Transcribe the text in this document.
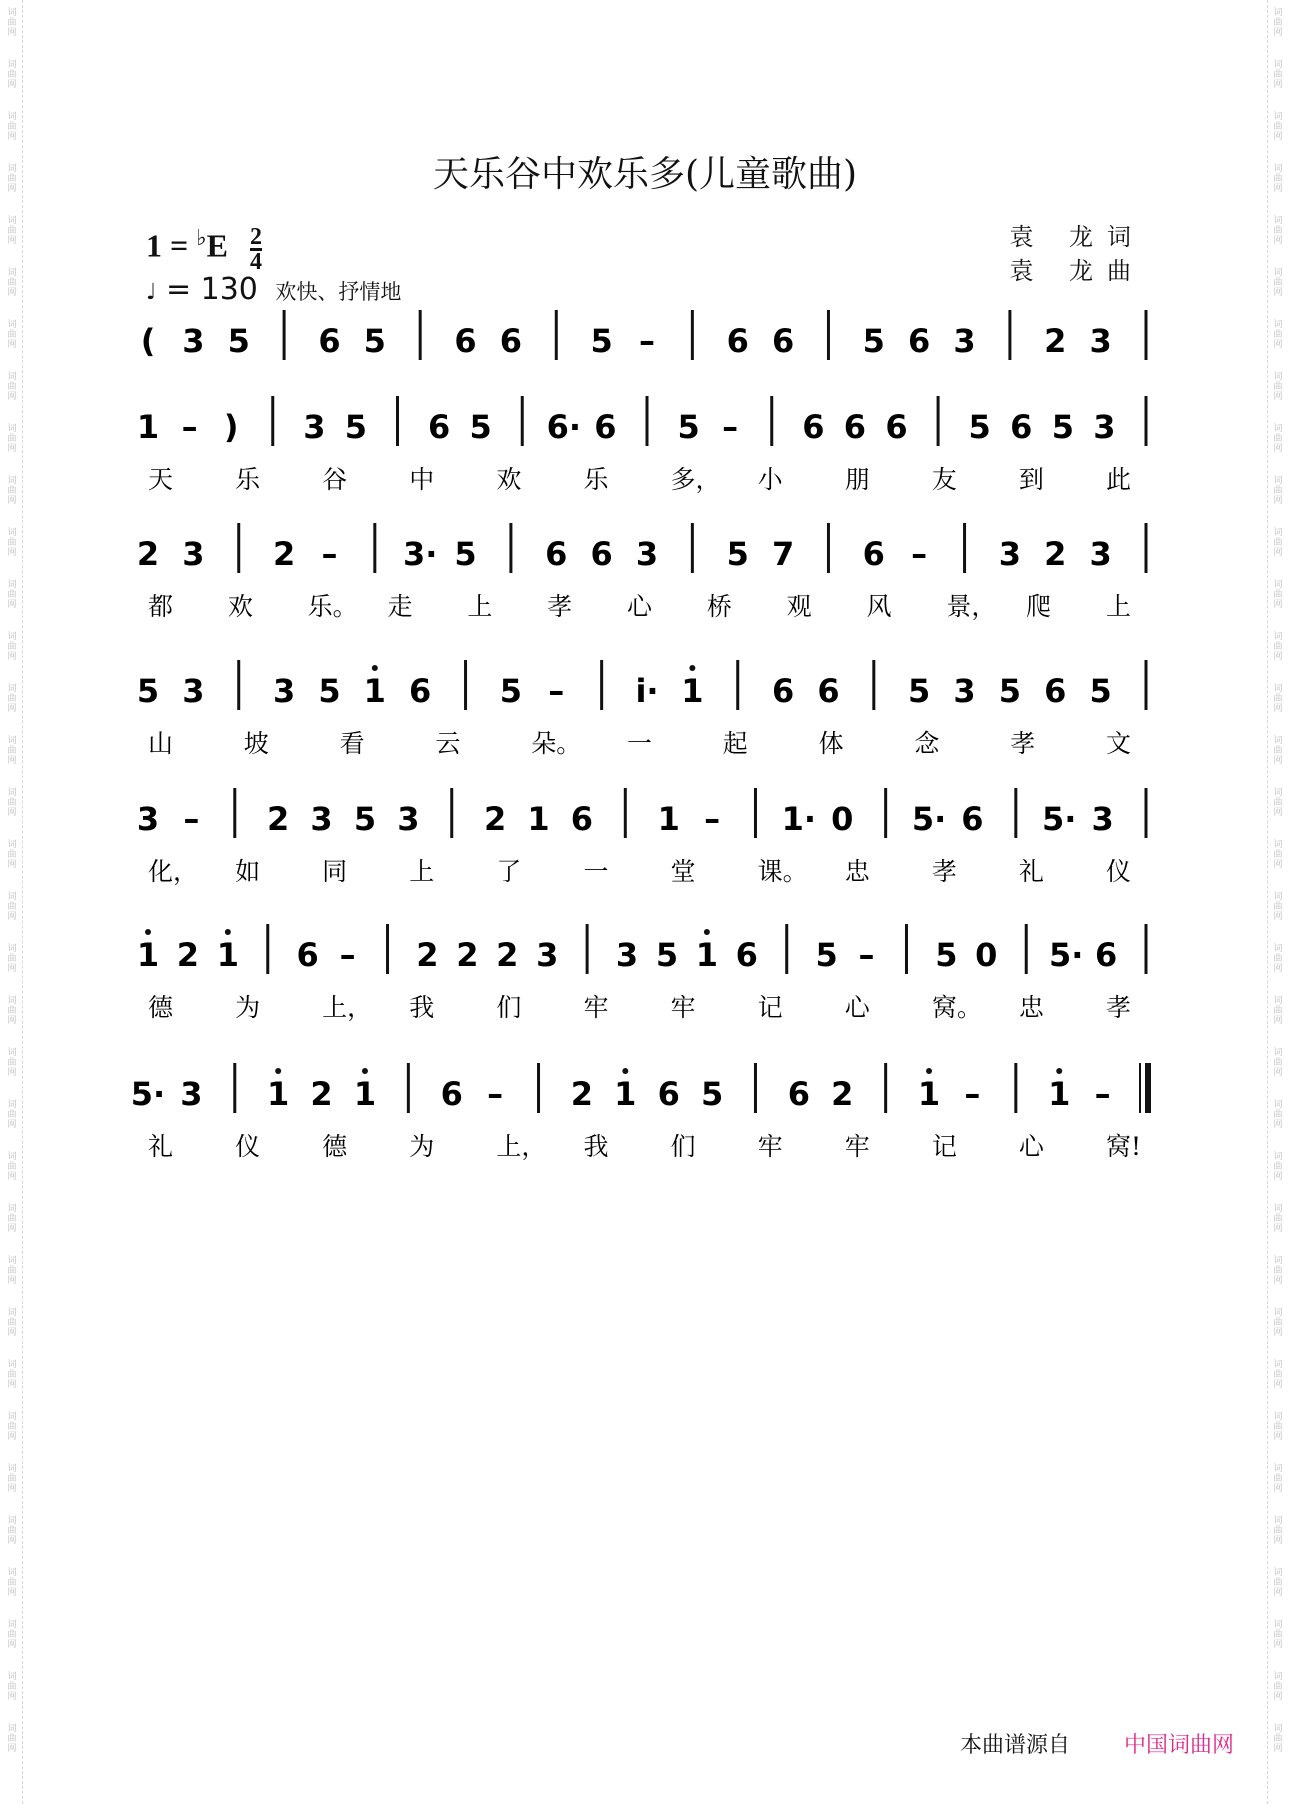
词
曲
网
词
曲
网
词
曲
网
词
曲
网
词
曲
网
词
曲
网
词
曲
网
词
曲
网
词
曲
网
词
曲
网
词
曲
网
词
曲
网
词
曲
网
词
曲
网
词
曲
网
词
曲
网
词
曲
网
词
曲
网
词
曲
网
词
曲
网
词
曲
网
词
曲
网
词
曲
网
词
曲
网
词
曲
网
词
曲
网
词
曲
网
词
曲
网
词
曲
网
词
曲
网
词
曲
网
词
曲
网
词
曲
网
词
曲
网
词
曲
网
词
曲
网
词
曲
网
词
曲
网
词
曲
网
词
曲
网
词
曲
网
词
曲
网
词
曲
网
词
曲
网
词
曲
网
词
曲
网
词
曲
网
词
曲
网
词
曲
网
词
曲
网
词
曲
网
词
曲
网
词
曲
网
词
曲
网
词
曲
网
词
曲
网
词
曲
网
词
曲
网
词
曲
网
词
曲
网
词
曲
网
词
曲
网
词
曲
网
词
曲
网
词
曲
网
词
曲
网
词
曲
网
词
曲
网
天乐谷中欢乐多(儿童歌曲)
$1 = ^♭E \frac{2}{4}$
♩ = 130 欢快、抒情地
袁 龙词
袁 龙曲
( 3 5 6 5 6 6 5 – 6 6 5 6 3 2 3
1 – ) 3 5 6 5 6· 6 5 – 6 6 6 5 6 5 3
天 乐 谷 中 欢 乐 多， 小 朋 友 到 此
2 3 2 – 3· 5 6 6 3 5 7 6 – 3 2 3
都 欢 乐。 走 上 孝 心 桥 观 风 景， 爬 上
5 3 3 5 1 6 5 – i· 1 6 6 5 3 5 6 5
山	坡	看	云	朵。 一	起	体	念	孝	文
3 – 2 3 5 3 2 1 6 1 – 1· 0 5· 6 5· 3
化， 如 同 上 了 一 堂 课。 忠 孝 礼 仪
1 2 1 6 – 2 2 2 3 3 5 1 6 5 – 5 0 5· 6
德 为 上， 我 们 牢 牢 记 心 窝。 忠 孝
5· 3 1 2 1 6 – 2 1 6 5 6 2 1 – 1 –
礼 仪 德 为 上， 我 们 牢 牢 记 心 窝!
本曲谱源自 中国词曲网
